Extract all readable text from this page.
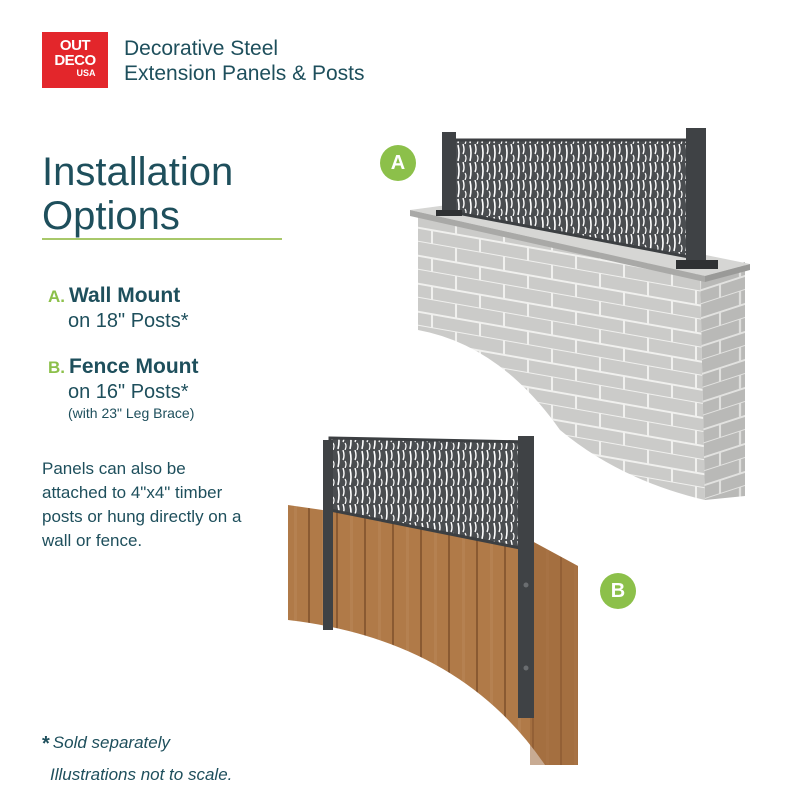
OUT
DECO
USA
Decorative Steel
Extension Panels & Posts
Installation
Options
A. Wall Mount
on 18" Posts*
B. Fence Mount
on 16" Posts*
(with 23" Leg Brace)
Panels can also be attached to 4"x4" timber posts or hung directly on a wall or fence.
* Sold separately
Illustrations not to scale.
A
B
